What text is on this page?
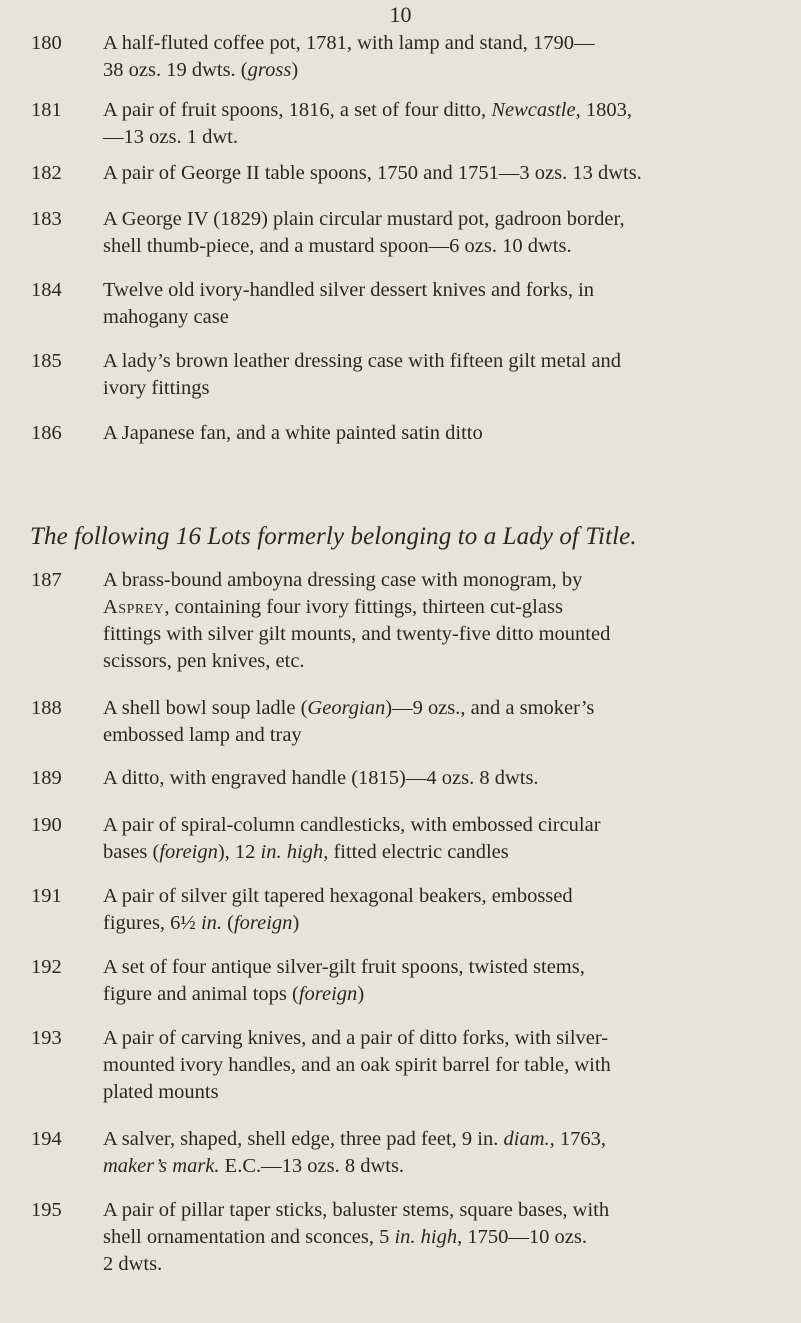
10
180 A half-fluted coffee pot, 1781, with lamp and stand, 1790—
38 ozs. 19 dwts. (gross)
181 A pair of fruit spoons, 1816, a set of four ditto, Newcastle, 1803,
—13 ozs. 1 dwt.
182 A pair of George II table spoons, 1750 and 1751—3 ozs. 13 dwts.
183 A George IV (1829) plain circular mustard pot, gadroon border,
shell thumb-piece, and a mustard spoon—6 ozs. 10 dwts.
184 Twelve old ivory-handled silver dessert knives and forks, in
mahogany case
185 A lady’s brown leather dressing case with fifteen gilt metal and
ivory fittings
186 A Japanese fan, and a white painted satin ditto
The following 16 Lots formerly belonging to a Lady of Title.
187 A brass-bound amboyna dressing case with monogram, by
Asprey, containing four ivory fittings, thirteen cut-glass
fittings with silver gilt mounts, and twenty-five ditto mounted
scissors, pen knives, etc.
188 A shell bowl soup ladle (Georgian)—9 ozs., and a smoker’s
embossed lamp and tray
189 A ditto, with engraved handle (1815)—4 ozs. 8 dwts.
190 A pair of spiral-column candlesticks, with embossed circular
bases (foreign), 12 in. high, fitted electric candles
191 A pair of silver gilt tapered hexagonal beakers, embossed
figures, 6½ in. (foreign)
192 A set of four antique silver-gilt fruit spoons, twisted stems,
figure and animal tops (foreign)
193 A pair of carving knives, and a pair of ditto forks, with silver-
mounted ivory handles, and an oak spirit barrel for table, with
plated mounts
194 A salver, shaped, shell edge, three pad feet, 9 in. diam., 1763,
maker’s mark. E.C.—13 ozs. 8 dwts.
195 A pair of pillar taper sticks, baluster stems, square bases, with
shell ornamentation and sconces, 5 in. high, 1750—10 ozs.
2 dwts.
